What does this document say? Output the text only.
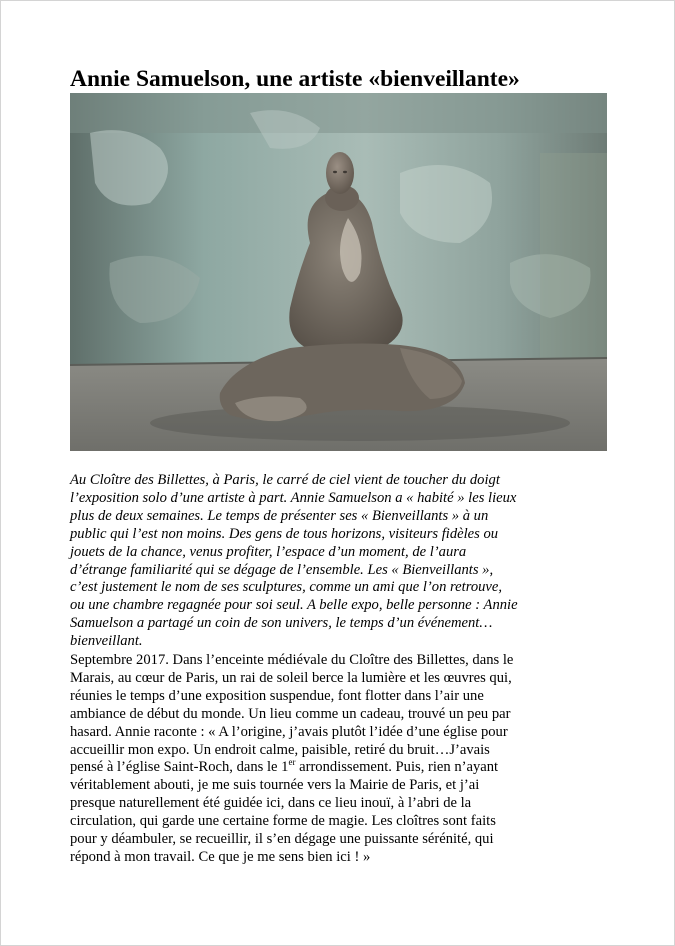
Annie Samuelson, une artiste «bienveillante»
Au Cloître des Billettes, à Paris, le carré de ciel vient de toucher du doigt
l’exposition solo d’une artiste à part. Annie Samuelson a « habité » les lieux
plus de deux semaines. Le temps de présenter ses « Bienveillants » à un
public qui l’est non moins. Des gens de tous horizons, visiteurs fidèles ou
jouets de la chance, venus profiter, l’espace d’un moment, de l’aura
d’étrange familiarité qui se dégage de l’ensemble. Les « Bienveillants »,
c’est justement le nom de ses sculptures, comme un ami que l’on retrouve,
ou une chambre regagnée pour soi seul. A belle expo, belle personne : Annie
Samuelson a partagé un coin de son univers, le temps d’un événement…
bienveillant.
Septembre 2017. Dans l’enceinte médiévale du Cloître des Billettes, dans le
Marais, au cœur de Paris, un rai de soleil berce la lumière et les œuvres qui,
réunies le temps d’une exposition suspendue, font flotter dans l’air une
ambiance de début du monde. Un lieu comme un cadeau, trouvé un peu par
hasard. Annie raconte : « A l’origine, j’avais plutôt l’idée d’une église pour
accueillir mon expo. Un endroit calme, paisible, retiré du bruit…J’avais
pensé à l’église Saint-Roch, dans le 1er arrondissement. Puis, rien n’ayant
véritablement abouti, je me suis tournée vers la Mairie de Paris, et j’ai
presque naturellement été guidée ici, dans ce lieu inouï, à l’abri de la
circulation, qui garde une certaine forme de magie. Les cloîtres sont faits
pour y déambuler, se recueillir, il s’en dégage une puissante sérénité, qui
répond à mon travail. Ce que je me sens bien ici ! »
